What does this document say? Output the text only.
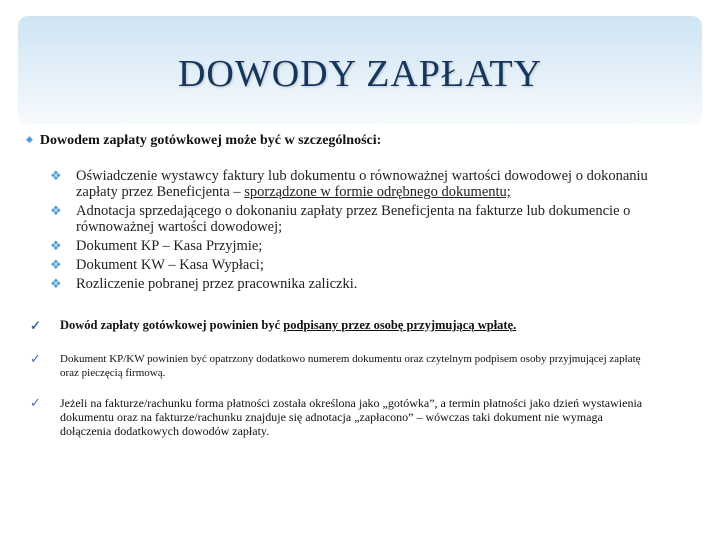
DOWODY ZAPŁATY
◆ Dowodem zapłaty gotówkowej może być w szczególności:
❖ Oświadczenie wystawcy faktury lub dokumentu o równoważnej wartości dowodowej o dokonaniu zapłaty przez Beneficjenta – sporządzone w formie odrębnego dokumentu;
❖ Adnotacja sprzedającego o dokonaniu zapłaty przez Beneficjenta na fakturze lub dokumencie o równoważnej wartości dowodowej;
❖ Dokument KP – Kasa Przyjmie;
❖ Dokument KW – Kasa Wypłaci;
❖ Rozliczenie pobranej przez pracownika zaliczki.
✓ Dowód zapłaty gotówkowej powinien być podpisany przez osobę przyjmującą wpłatę.
✓ Dokument KP/KW powinien być opatrzony dodatkowo numerem dokumentu oraz czytelnym podpisem osoby przyjmującej zapłatę oraz pieczęcią firmową.
✓ Jeżeli na fakturze/rachunku forma płatności została określona jako „gotówka”, a termin płatności jako dzień wystawienia dokumentu oraz na fakturze/rachunku znajduje się adnotacja „zapłacono” – wówczas taki dokument nie wymaga dołączenia dodatkowych dowodów zapłaty.
